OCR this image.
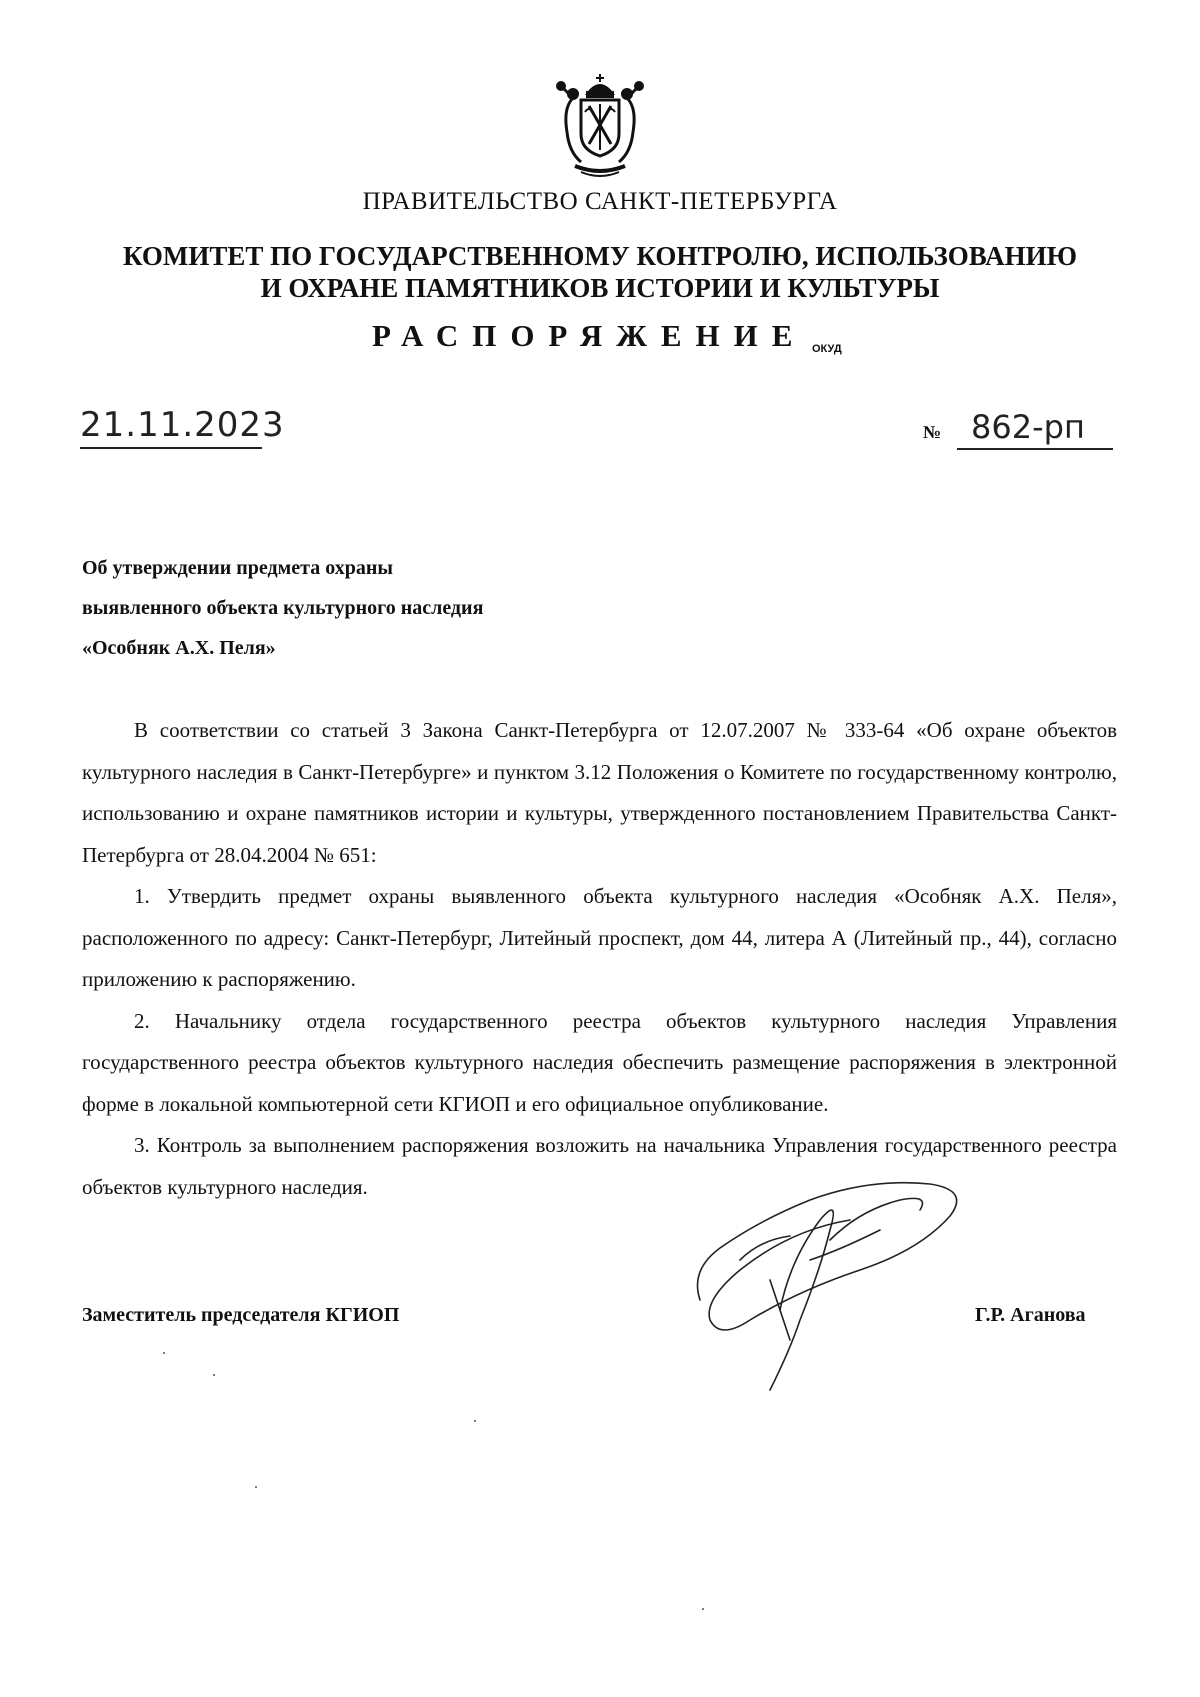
ПРАВИТЕЛЬСТВО САНКТ-ПЕТЕРБУРГА
КОМИТЕТ ПО ГОСУДАРСТВЕННОМУ КОНТРОЛЮ, ИСПОЛЬЗОВАНИЮ
И ОХРАНЕ ПАМЯТНИКОВ ИСТОРИИ И КУЛЬТУРЫ
РАСПОРЯЖЕНИЕ ОКУД
21.11.2023	№ 862-рп
Об утверждении предмета охраны
выявленного объекта культурного наследия
«Особняк А.Х. Пеля»

В соответствии со статьей 3 Закона Санкт-Петербурга от 12.07.2007 № 333-64 «Об охране объектов культурного наследия в Санкт-Петербурге» и пунктом 3.12 Положения о Комитете по государственному контролю, использованию и охране памятников истории и культуры, утвержденного постановлением Правительства Санкт-Петербурга от 28.04.2004 № 651:

1. Утвердить предмет охраны выявленного объекта культурного наследия «Особняк А.Х. Пеля», расположенного по адресу: Санкт-Петербург, Литейный проспект, дом 44, литера А (Литейный пр., 44), согласно приложению к распоряжению.

2. Начальнику отдела государственного реестра объектов культурного наследия Управления государственного реестра объектов культурного наследия обеспечить размещение распоряжения в электронной форме в локальной компьютерной сети КГИОП и его официальное опубликование.

3. Контроль за выполнением распоряжения возложить на начальника Управления государственного реестра объектов культурного наследия.

Заместитель председателя КГИОП	Г.Р. Аганова
